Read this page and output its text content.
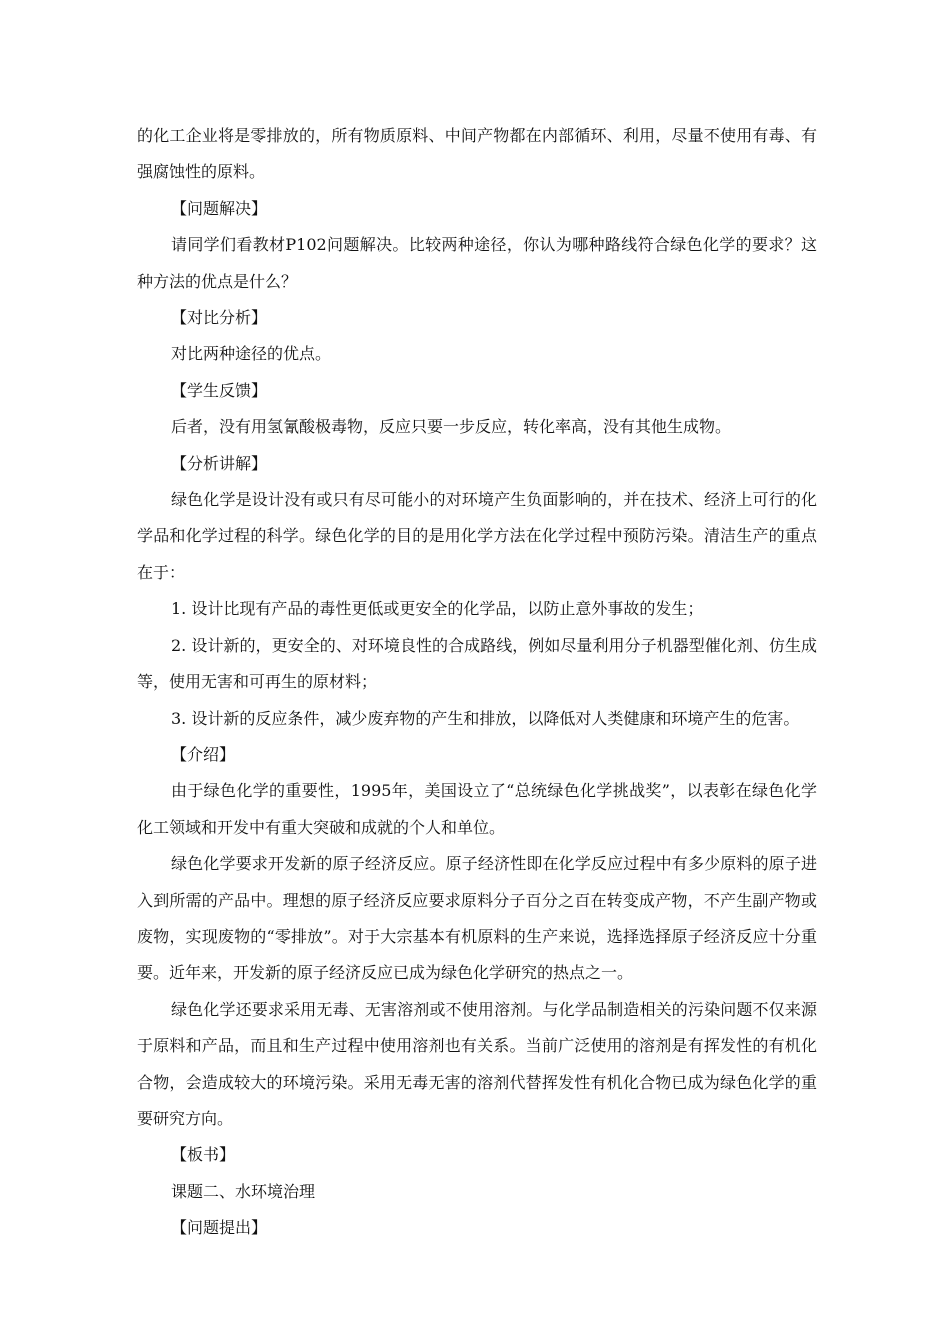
的化工企业将是零排放的，所有物质原料、中间产物都在内部循环、利用，尽量不使用有毒、有强腐蚀性的原料。

【问题解决】

请同学们看教材P102问题解决。比较两种途径，你认为哪种路线符合绿色化学的要求？这种方法的优点是什么？

【对比分析】

对比两种途径的优点。

【学生反馈】

后者，没有用氢氰酸极毒物，反应只要一步反应，转化率高，没有其他生成物。

【分析讲解】

绿色化学是设计没有或只有尽可能小的对环境产生负面影响的，并在技术、经济上可行的化学品和化学过程的科学。绿色化学的目的是用化学方法在化学过程中预防污染。清洁生产的重点在于：

1. 设计比现有产品的毒性更低或更安全的化学品，以防止意外事故的发生；

2. 设计新的，更安全的、对环境良性的合成路线，例如尽量利用分子机器型催化剂、仿生成等，使用无害和可再生的原材料；

3. 设计新的反应条件，减少废弃物的产生和排放，以降低对人类健康和环境产生的危害。

【介绍】

由于绿色化学的重要性，1995年，美国设立了“总统绿色化学挑战奖”，以表彰在绿色化学化工领域和开发中有重大突破和成就的个人和单位。

绿色化学要求开发新的原子经济反应。原子经济性即在化学反应过程中有多少原料的原子进入到所需的产品中。理想的原子经济反应要求原料分子百分之百在转变成产物，不产生副产物或废物，实现废物的“零排放”。对于大宗基本有机原料的生产来说，选择选择原子经济反应十分重要。近年来，开发新的原子经济反应已成为绿色化学研究的热点之一。

绿色化学还要求采用无毒、无害溶剂或不使用溶剂。与化学品制造相关的污染问题不仅来源于原料和产品，而且和生产过程中使用溶剂也有关系。当前广泛使用的溶剂是有挥发性的有机化合物，会造成较大的环境污染。采用无毒无害的溶剂代替挥发性有机化合物已成为绿色化学的重要研究方向。

【板书】

课题二、水环境治理

【问题提出】
